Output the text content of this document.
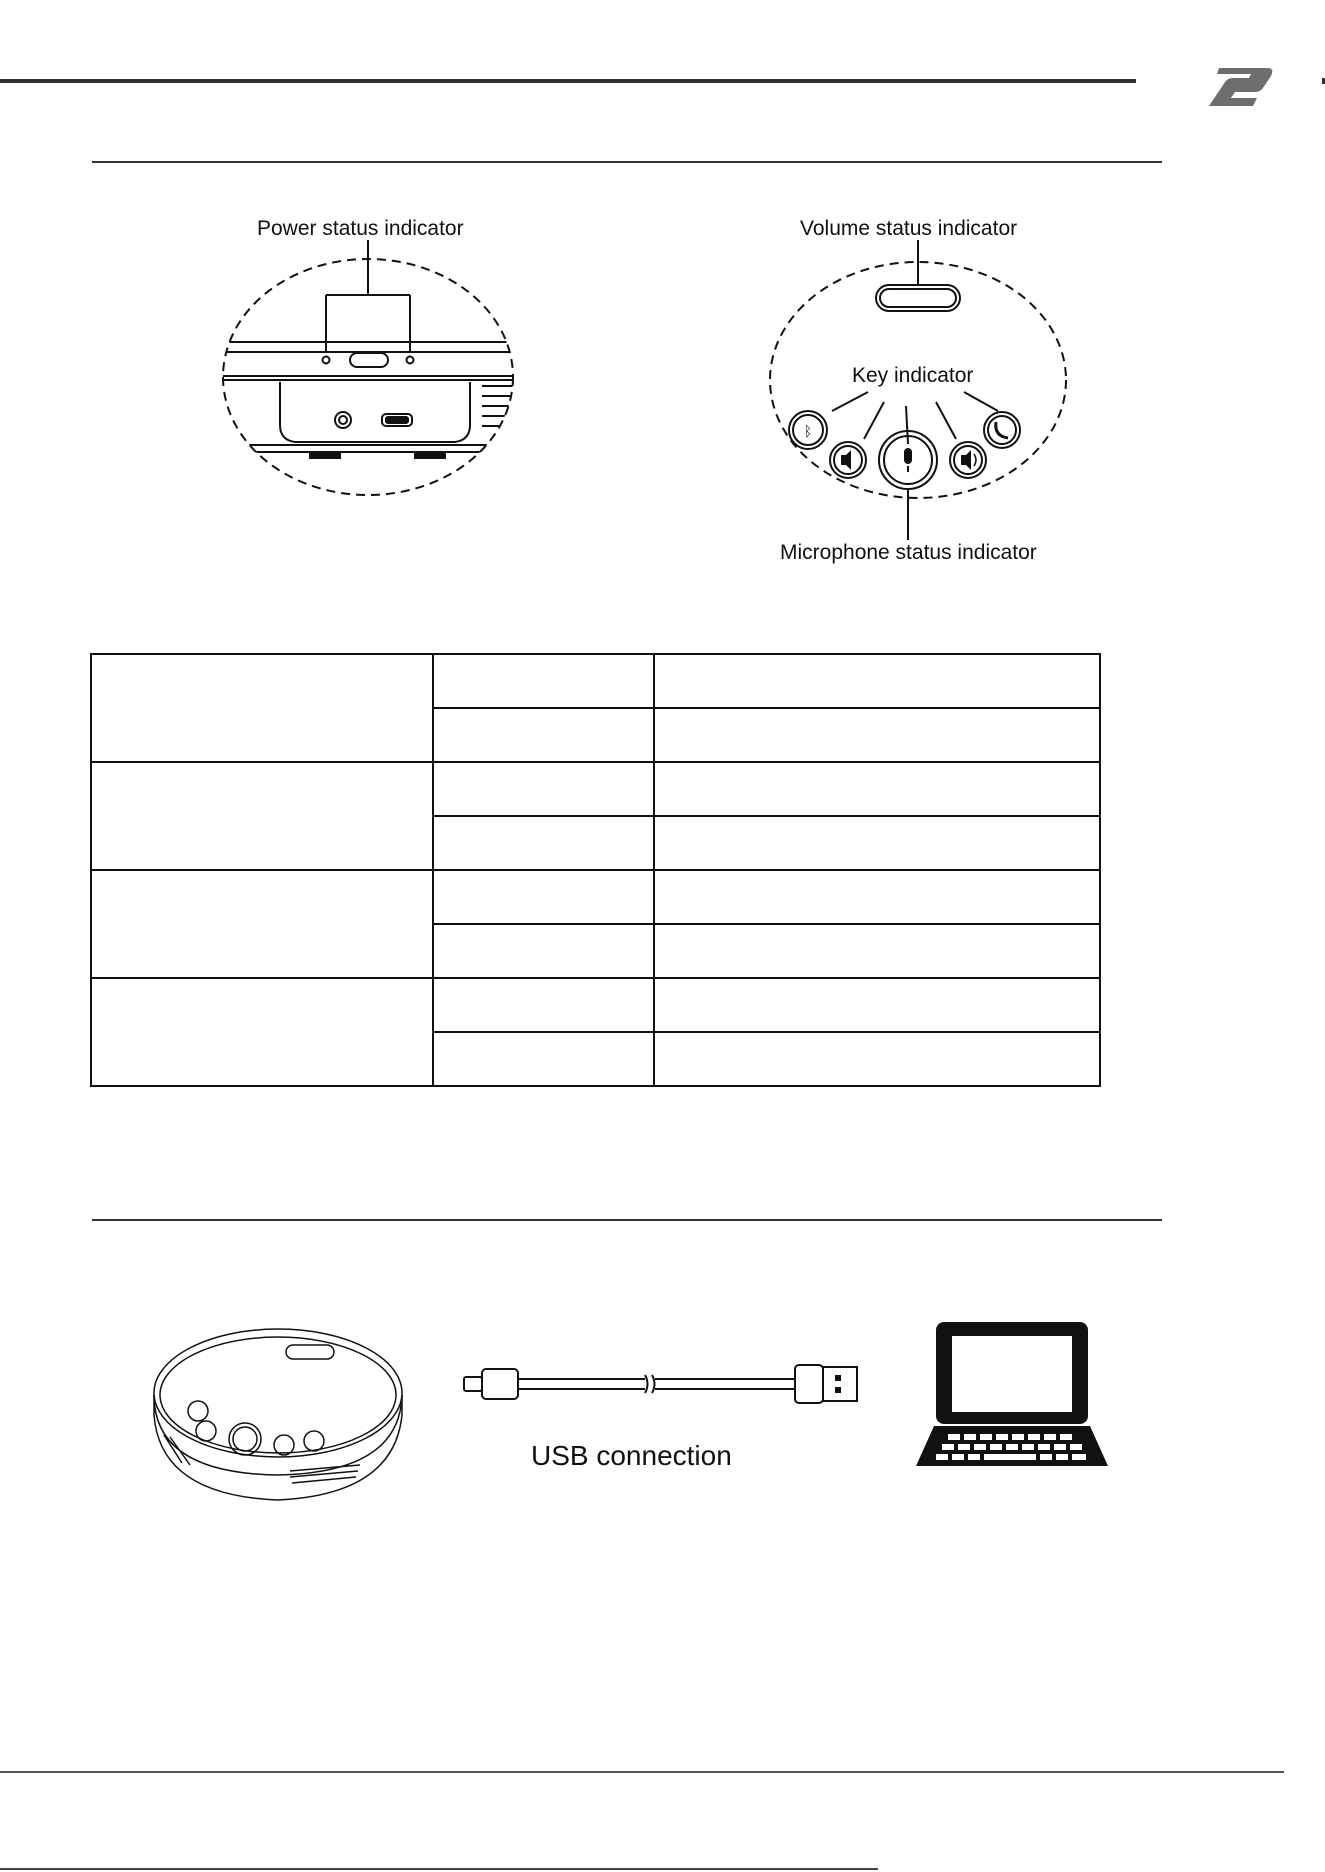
Power status indicator	Volume status indicator
Key indicator
Microphone status indicator
ᛒ

USB connection
